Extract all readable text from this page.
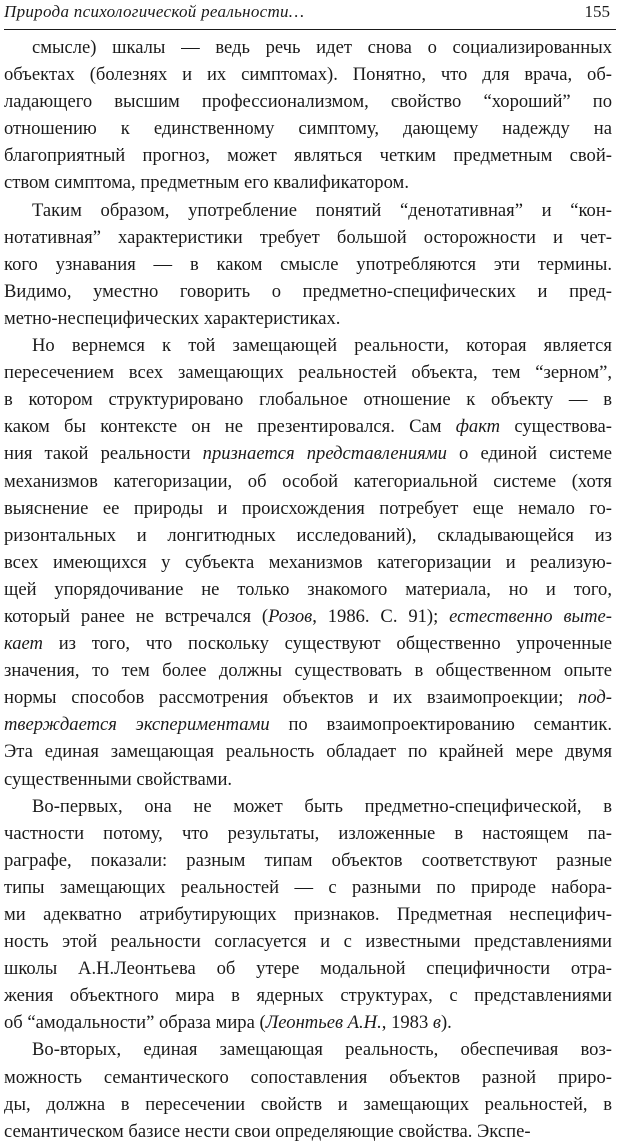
Природа психологической реальности…	155
смысле) шкалы — ведь речь идет снова о социализированных
объектах (болезнях и их симптомах). Понятно, что для врача, об-
ладающего высшим профессионализмом, свойство “хороший” по
отношению к единственному симптому, дающему надежду на
благоприятный прогноз, может являться четким предметным свой-
ством симптома, предметным его квалификатором.
Таким образом, употребление понятий “денотативная” и “кон-
нотативная” характеристики требует большой осторожности и чет-
кого узнавания — в каком смысле употребляются эти термины.
Видимо, уместно говорить о предметно-специфических и пред-
метно-неспецифических характеристиках.
Но вернемся к той замещающей реальности, которая является
пересечением всех замещающих реальностей объекта, тем “зерном”,
в котором структурировано глобальное отношение к объекту — в
каком бы контексте он не презентировался. Сам факт существова-
ния такой реальности признается представлениями о единой системе
механизмов категоризации, об особой категориальной системе (хотя
выяснение ее природы и происхождения потребует еще немало го-
ризонтальных и лонгитюдных исследований), складывающейся из
всех имеющихся у субъекта механизмов категоризации и реализую-
щей упорядочивание не только знакомого материала, но и того,
который ранее не встречался (Розов, 1986. С. 91); естественно выте-
кает из того, что поскольку существуют общественно упроченные
значения, то тем более должны существовать в общественном опыте
нормы способов рассмотрения объектов и их взаимопроекции; под-
тверждается экспериментами по взаимопроектированию семантик.
Эта единая замещающая реальность обладает по крайней мере двумя
существенными свойствами.
Во-первых, она не может быть предметно-специфической, в
частности потому, что результаты, изложенные в настоящем па-
раграфе, показали: разным типам объектов соответствуют разные
типы замещающих реальностей — с разными по природе набора-
ми адекватно атрибутирующих признаков. Предметная неспецифич-
ность этой реальности согласуется и с известными представлениями
школы А.Н.Леонтьева об утере модальной специфичности отра-
жения объектного мира в ядерных структурах, с представлениями
об “амодальности” образа мира (Леонтьев А.Н., 1983 в).
Во-вторых, единая замещающая реальность, обеспечивая воз-
можность семантического сопоставления объектов разной приро-
ды, должна в пересечении свойств и замещающих реальностей, в
семантическом базисе нести свои определяющие свойства. Экспе-
